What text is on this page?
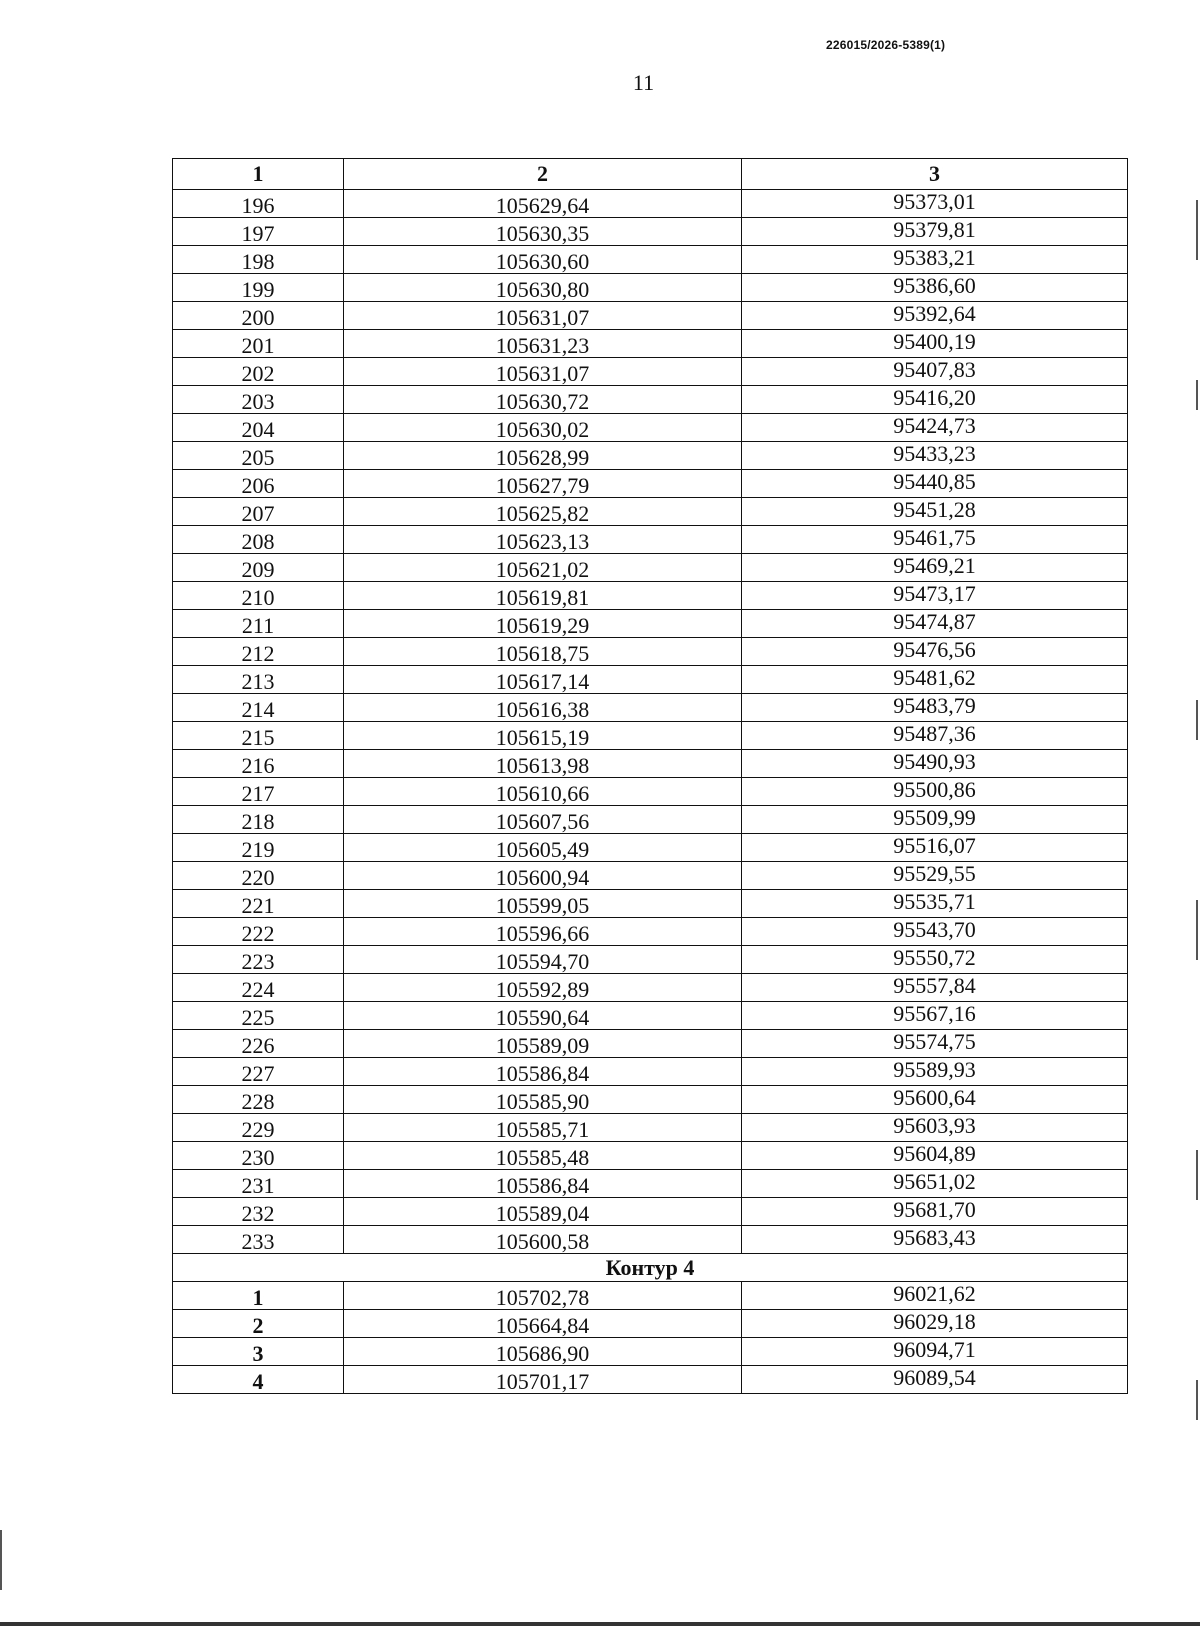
226015/2026-5389(1)
11
1	2	3
196	105629,64	95373,01
197	105630,35	95379,81
198	105630,60	95383,21
199	105630,80	95386,60
200	105631,07	95392,64
201	105631,23	95400,19
202	105631,07	95407,83
203	105630,72	95416,20
204	105630,02	95424,73
205	105628,99	95433,23
206	105627,79	95440,85
207	105625,82	95451,28
208	105623,13	95461,75
209	105621,02	95469,21
210	105619,81	95473,17
211	105619,29	95474,87
212	105618,75	95476,56
213	105617,14	95481,62
214	105616,38	95483,79
215	105615,19	95487,36
216	105613,98	95490,93
217	105610,66	95500,86
218	105607,56	95509,99
219	105605,49	95516,07
220	105600,94	95529,55
221	105599,05	95535,71
222	105596,66	95543,70
223	105594,70	95550,72
224	105592,89	95557,84
225	105590,64	95567,16
226	105589,09	95574,75
227	105586,84	95589,93
228	105585,90	95600,64
229	105585,71	95603,93
230	105585,48	95604,89
231	105586,84	95651,02
232	105589,04	95681,70
233	105600,58	95683,43
Контур 4		
1	105702,78	96021,62
2	105664,84	96029,18
3	105686,90	96094,71
4	105701,17	96089,54
